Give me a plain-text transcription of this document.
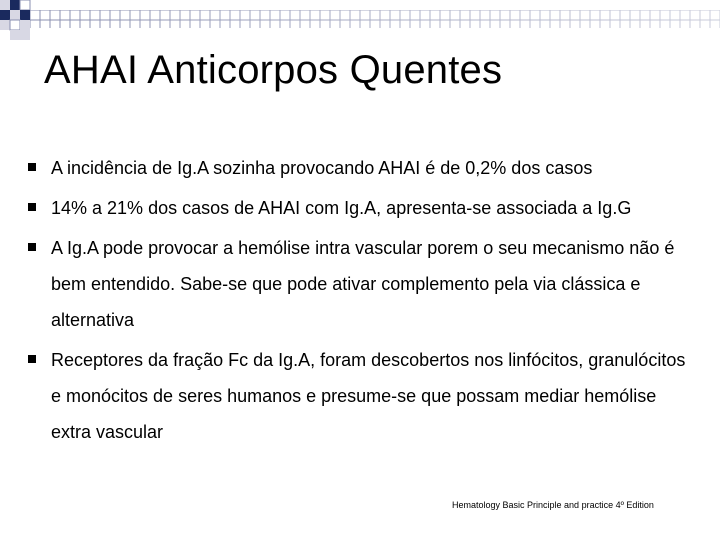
AHAI Anticorpos Quentes
A incidência de Ig.A sozinha provocando AHAI é de 0,2% dos casos
14% a 21% dos casos de AHAI com Ig.A, apresenta-se associada a Ig.G
A Ig.A pode provocar a hemólise intra vascular porem o seu mecanismo não é bem entendido. Sabe-se que pode ativar complemento pela via clássica e alternativa
Receptores da fração Fc da Ig.A, foram descobertos nos linfócitos, granulócitos e monócitos de seres humanos e presume-se que possam mediar hemólise extra vascular
Hematology Basic Principle and practice 4º Edition
